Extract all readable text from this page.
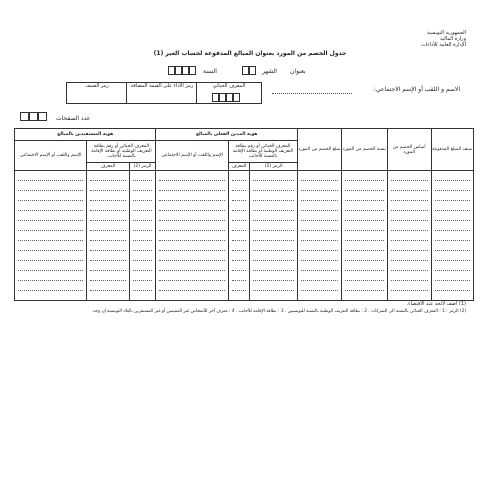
الجمهورية التونسية
وزارة المالية
الإدارة العامة للأداءات
جدول الخصم من المورد بعنوان المبالغ المدفوعة لحساب الغير (1)
بعنوان
الشهر
السنة
الاسم و اللقب أو الإسم الاجتماعي:
المعرف الجبائي
رمز الأداء على القيمة المضافة
رمز الصنف
عدد الصفحات
هوية المستفيدين بالمبالغ			هوية المدين الفعلي بالمبالغ			مبلغ الخصم من المورد	نسبة الخصم من المورد	أساس الخصم من المورد	صنف المبلغ المدفوعة
الإسم واللقب أو الإسم الاجتماعي	المعرف الجبائي أو رقم بطاقة التعريف الوطنية أو بطاقة الإقامة بالنسبة للأجانب		الإسم واللقب أو الإسم الاجتماعي	المعرف الجبائي أو رقم بطاقة التعريف الوطنية أو بطاقة الإقامة بالنسبة للأجانب					
	المعرف	الرمز (2)		المعرف	الرمز (2)				

(1) أضف لائحة عند الاقتضاء.
(2) الرمز : 1 : المعرف الجبائي بالنسبة الى الشركات . 2 : بطاقة التعريف الوطنية بالنسبة للتونسيين . 3 : بطاقة الإقامة للأجانب . 4 : معرف آخر للأشخاص غير المقيمين أو غير المستقرين بالبلاد التونسية إن وجد.
